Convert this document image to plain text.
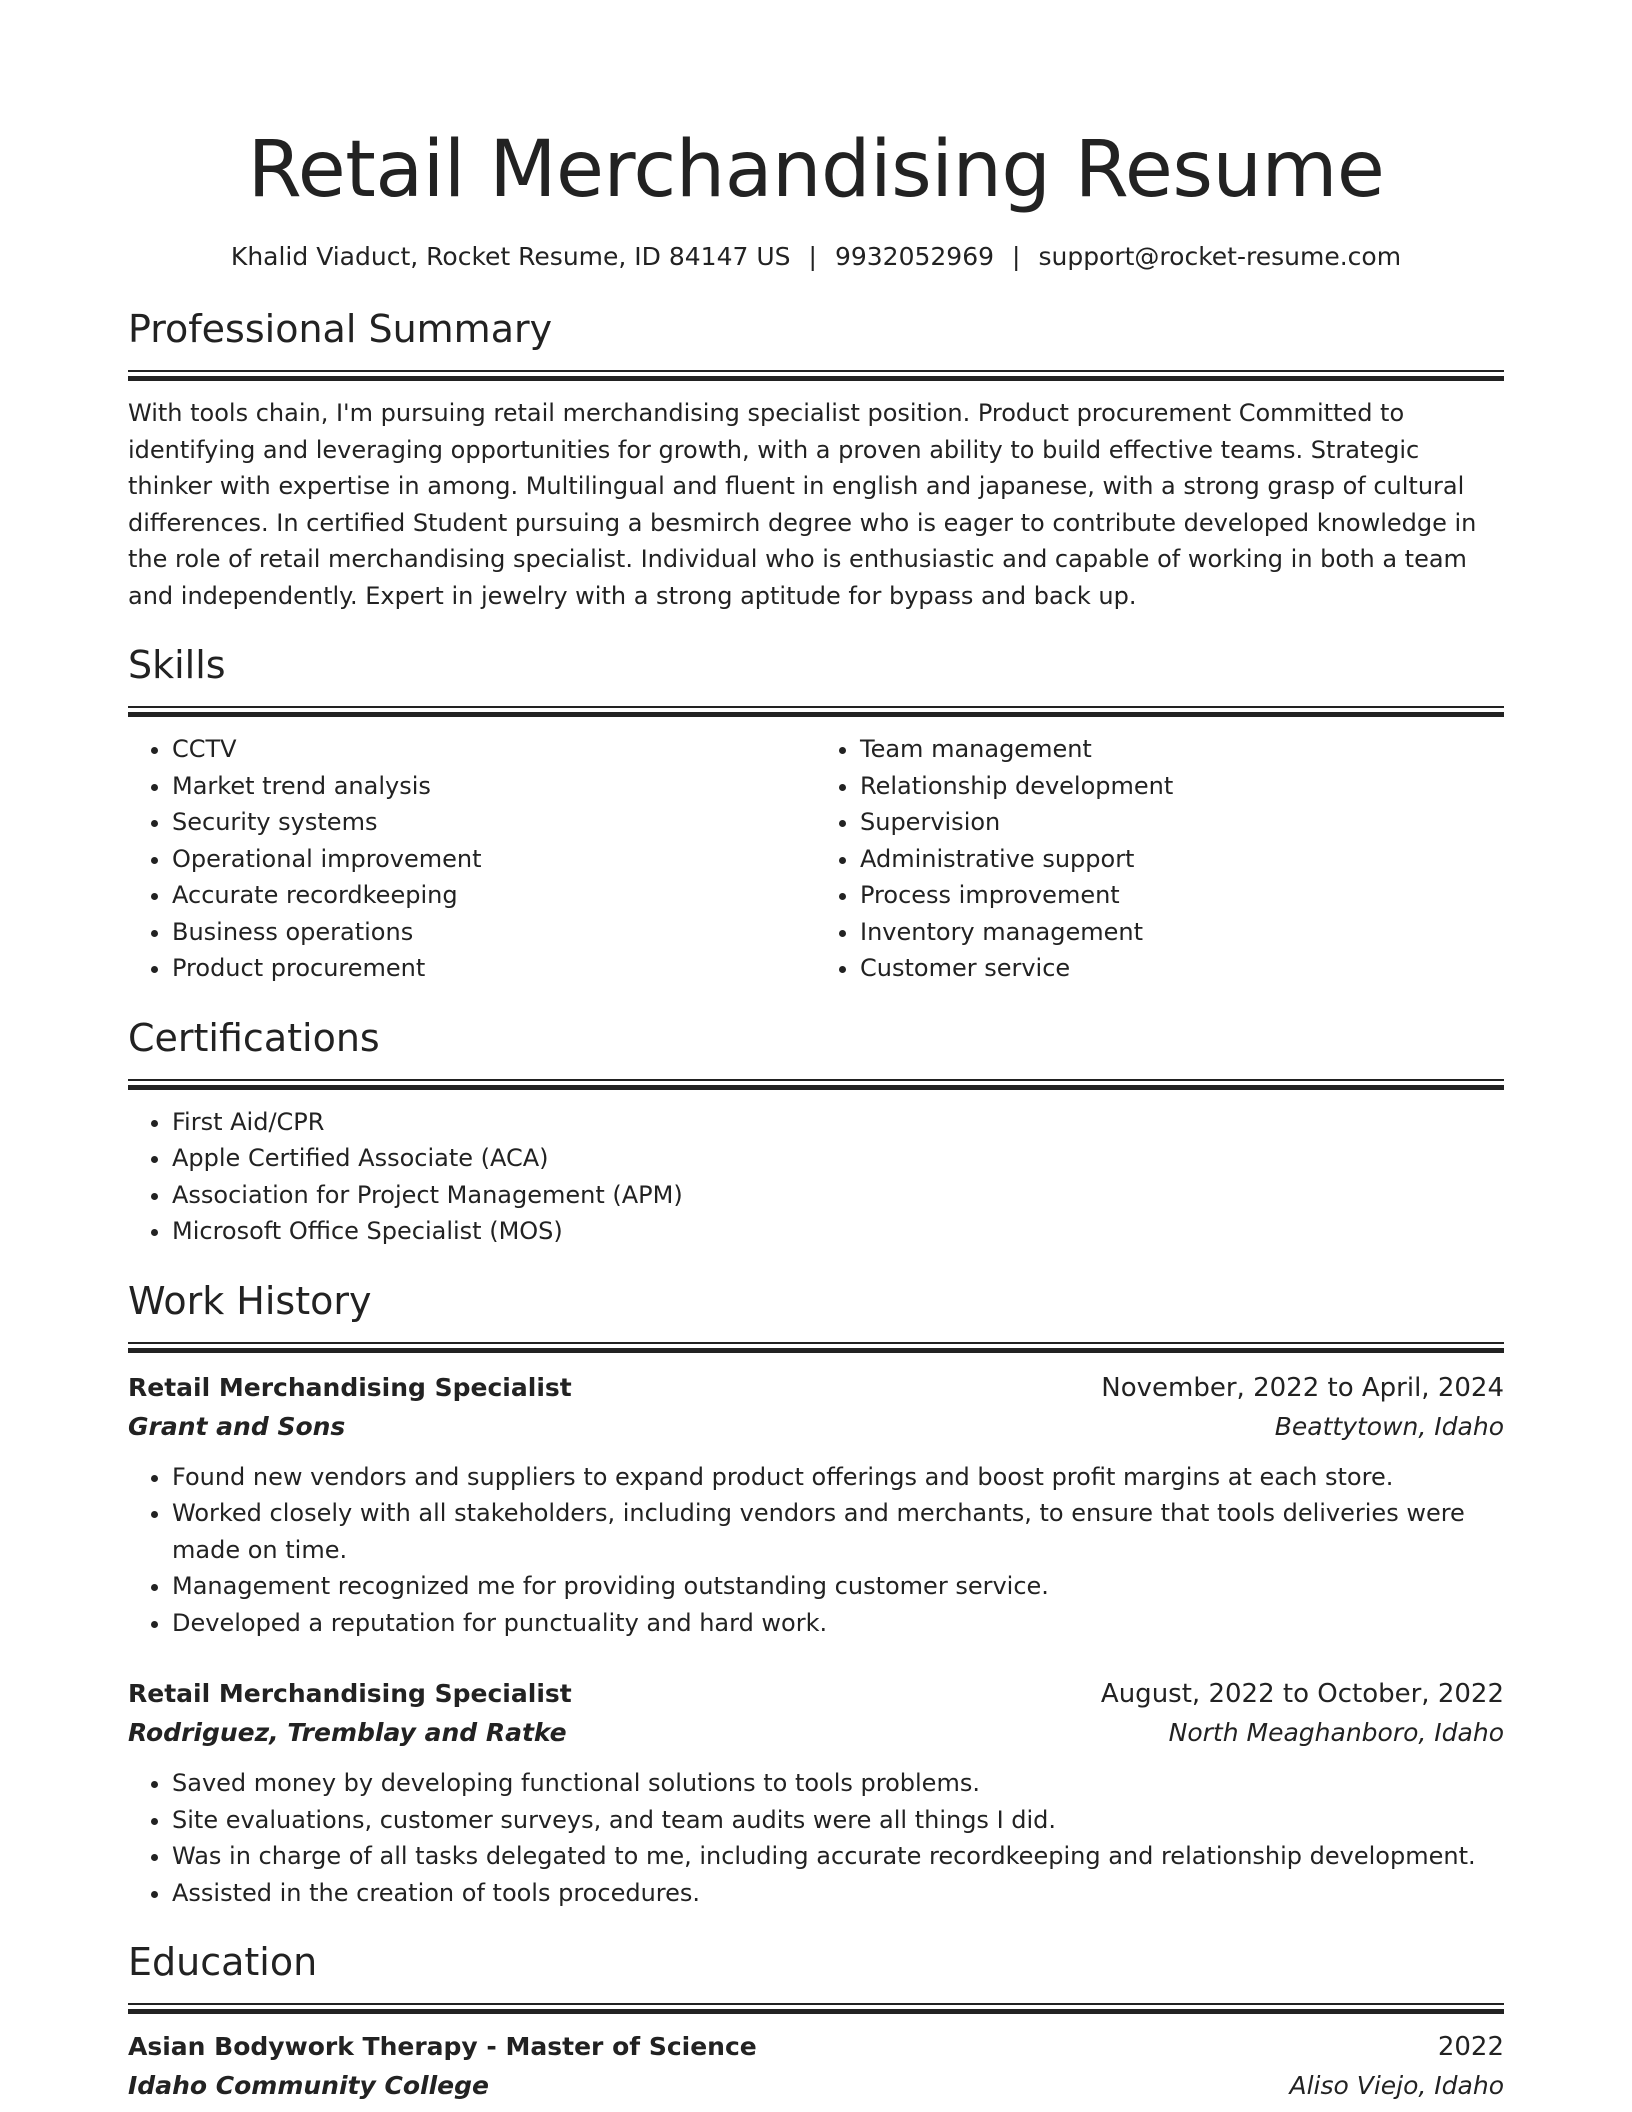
Retail Merchandising Resume
Khalid Viaduct, Rocket Resume, ID 84147 US | 9932052969 | support@rocket-resume.com
Professional Summary
With tools chain, I'm pursuing retail merchandising specialist position. Product procurement Committed to identifying and leveraging opportunities for growth, with a proven ability to build effective teams. Strategic thinker with expertise in among. Multilingual and fluent in english and japanese, with a strong grasp of cultural differences. In certified Student pursuing a besmirch degree who is eager to contribute developed knowledge in the role of retail merchandising specialist. Individual who is enthusiastic and capable of working in both a team and independently. Expert in jewelry with a strong aptitude for bypass and back up.
Skills
• CCTV
• Market trend analysis
• Security systems
• Operational improvement
• Accurate recordkeeping
• Business operations
• Product procurement
• Team management
• Relationship development
• Supervision
• Administrative support
• Process improvement
• Inventory management
• Customer service
Certifications
• First Aid/CPR
• Apple Certified Associate (ACA)
• Association for Project Management (APM)
• Microsoft Office Specialist (MOS)
Work History
Retail Merchandising Specialist	November, 2022 to April, 2024
Grant and Sons	Beattytown, Idaho
• Found new vendors and suppliers to expand product offerings and boost profit margins at each store.
• Worked closely with all stakeholders, including vendors and merchants, to ensure that tools deliveries were made on time.
• Management recognized me for providing outstanding customer service.
• Developed a reputation for punctuality and hard work.
Retail Merchandising Specialist	August, 2022 to October, 2022
Rodriguez, Tremblay and Ratke	North Meaghanboro, Idaho
• Saved money by developing functional solutions to tools problems.
• Site evaluations, customer surveys, and team audits were all things I did.
• Was in charge of all tasks delegated to me, including accurate recordkeeping and relationship development.
• Assisted in the creation of tools procedures.
Education
Asian Bodywork Therapy - Master of Science	2022
Idaho Community College	Aliso Viejo, Idaho
